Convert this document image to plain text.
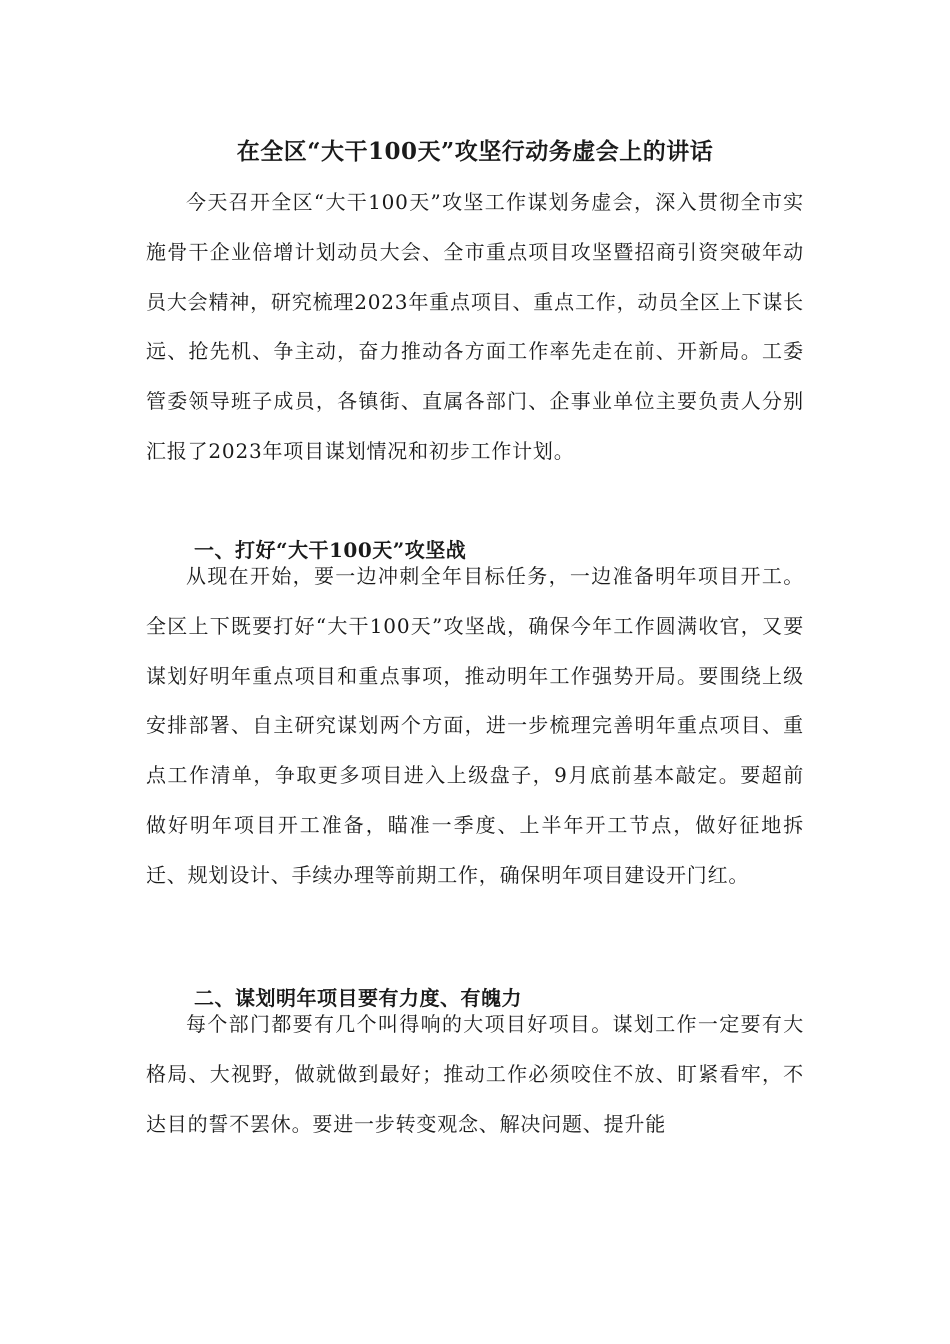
在全区“大干100天”攻坚行动务虚会上的讲话

今天召开全区“大干100天”攻坚工作谋划务虚会，深入贯彻全市实施骨干企业倍增计划动员大会、全市重点项目攻坚暨招商引资突破年动员大会精神，研究梳理2023年重点项目、重点工作，动员全区上下谋长远、抢先机、争主动，奋力推动各方面工作率先走在前、开新局。工委管委领导班子成员，各镇街、直属各部门、企事业单位主要负责人分别汇报了2023年项目谋划情况和初步工作计划。

一、打好“大干100天”攻坚战

从现在开始，要一边冲刺全年目标任务，一边准备明年项目开工。全区上下既要打好“大干100天”攻坚战，确保今年工作圆满收官，又要谋划好明年重点项目和重点事项，推动明年工作强势开局。要围绕上级安排部署、自主研究谋划两个方面，进一步梳理完善明年重点项目、重点工作清单，争取更多项目进入上级盘子，9月底前基本敲定。要超前做好明年项目开工准备，瞄准一季度、上半年开工节点，做好征地拆迁、规划设计、手续办理等前期工作，确保明年项目建设开门红。

二、谋划明年项目要有力度、有魄力

每个部门都要有几个叫得响的大项目好项目。谋划工作一定要有大格局、大视野，做就做到最好；推动工作必须咬住不放、盯紧看牢，不达目的誓不罢休。要进一步转变观念、解决问题、提升能
